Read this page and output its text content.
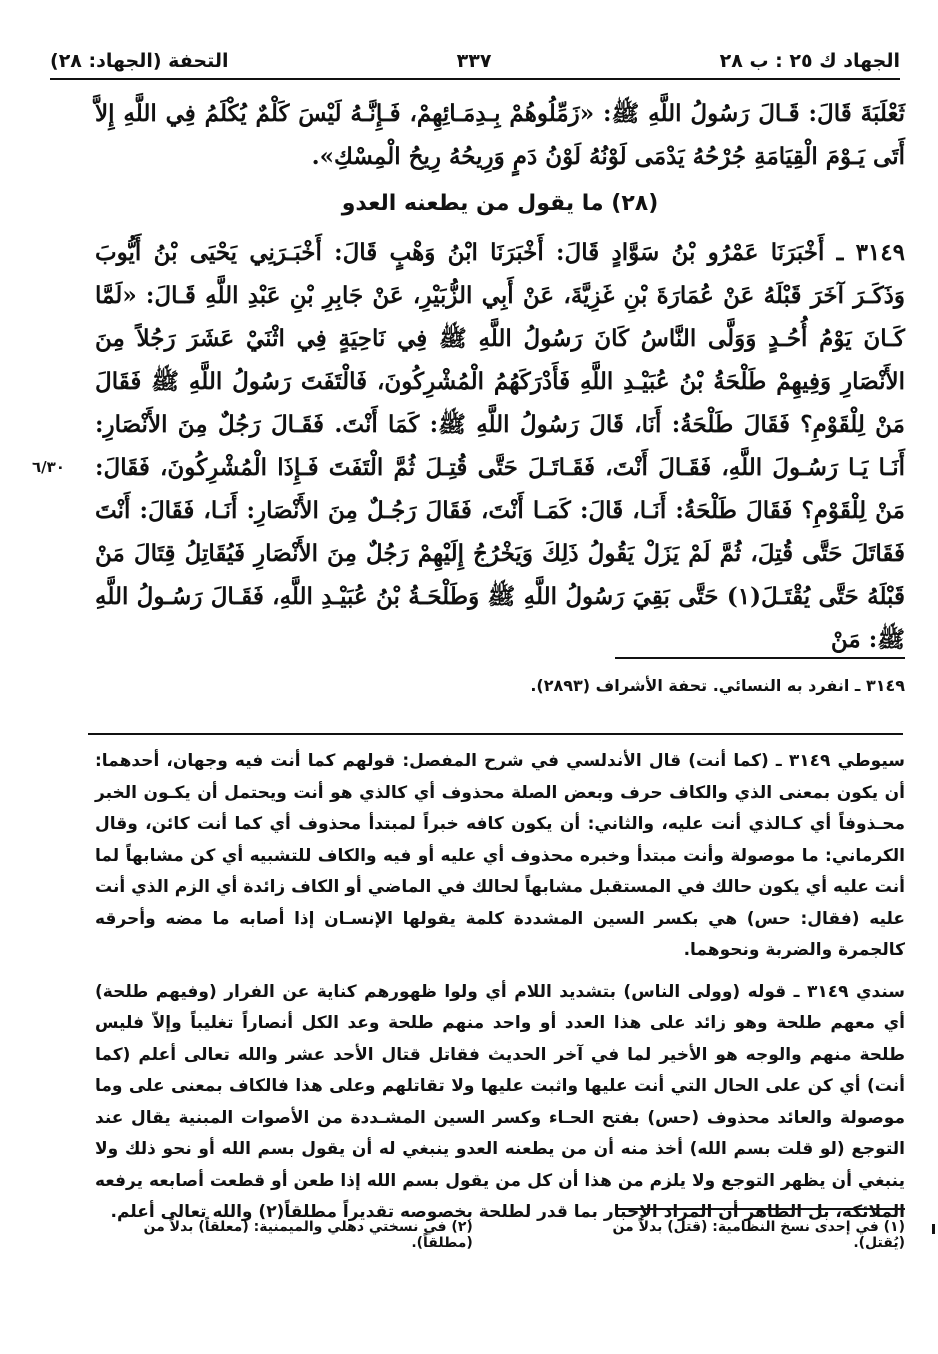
الجهاد ك ٢٥ : ب ٢٨
٣٣٧
التحفة (الجهاد: ٢٨)

ثَعْلَبَةَ قَالَ: قَـالَ رَسُولُ اللَّهِ ﷺ: «زَمِّلُوهُمْ بِـدِمَـائِهِمْ، فَـإِنَّـهُ لَيْسَ كَلْمٌ يُكْلَمُ فِي اللَّهِ إِلاَّ أَتَى يَـوْمَ الْقِيَامَةِ جُرْحُهُ يَدْمَى لَوْنُهُ لَوْنُ دَمٍ وَرِيحُهُ رِيحُ الْمِسْكِ».

(٢٨) ما يقول من يطعنه العدو

٣١٤٩ ـ أَخْبَرَنَا عَمْرُو بْنُ سَوَّادٍ قَالَ: أَخْبَرَنَا ابْنُ وَهْبٍ قَالَ: أَخْبَـرَنِي يَحْيَى بْنُ أَيُّوبَ وَذَكَـرَ آخَرَ قَبْلَهُ عَنْ عُمَارَةَ بْنِ غَزِيَّةَ، عَنْ أَبِي الزُّبَيْرِ، عَنْ جَابِرِ بْنِ عَبْدِ اللَّهِ قَـالَ: «لَمَّا كَـانَ يَوْمُ أُحُـدٍ وَوَلَّى النَّاسُ كَانَ رَسُولُ اللَّهِ ﷺ فِي نَاحِيَةٍ فِي اثْنَيْ عَشَرَ رَجُلاً مِنَ الأَنْصَارِ وَفِيهِمْ طَلْحَةُ بْنُ عُبَيْـدِ اللَّهِ فَأَدْرَكَهُمُ الْمُشْرِكُونَ، فَالْتَفَتَ رَسُولُ اللَّهِ ﷺ فَقَالَ مَنْ لِلْقَوْمِ؟ فَقَالَ طَلْحَةُ: أَنَا، قَالَ رَسُولُ اللَّهِ ﷺ: كَمَا أَنْتَ. فَقَـالَ رَجُلٌ مِنَ الأَنْصَارِ: أَنَـا يَـا رَسُـولَ اللَّهِ، فَقَـالَ أَنْتَ، فَقَـاتَـلَ حَتَّى قُتِـلَ ثُمَّ الْتَفَتَ فَـإِذَا الْمُشْرِكُونَ، فَقَالَ: مَنْ لِلْقَوْمِ؟ فَقَالَ طَلْحَةُ: أَنَـا، قَالَ: كَمَـا أَنْتَ، فَقَالَ رَجُـلٌ مِنَ الأَنْصَارِ: أَنَـا، فَقَالَ: أَنْتَ فَقَاتَلَ حَتَّى قُتِلَ، ثُمَّ لَمْ يَزَلْ يَقُولُ ذَلِكَ وَيَخْرُجُ إِلَيْهِمْ رَجُلٌ مِنَ الأَنْصَارِ فَيُقَاتِلُ قِتَالَ مَنْ قَبْلَهُ حَتَّى يُقْتَـلَ(١) حَتَّى بَقِيَ رَسُولُ اللَّهِ ﷺ وَطَلْحَـةُ بْنُ عُبَيْـدِ اللَّهِ، فَقَـالَ رَسُـولُ اللَّهِ ﷺ: مَنْ

٦/٣٠
٣١٤٩ ـ انفرد به النسائي. تحفة الأشراف (٢٨٩٣).

سيوطي ٣١٤٩ ـ (كما أنت) قال الأندلسي في شرح المفصل: قولهم كما أنت فيه وجهان، أحدهما: أن يكون بمعنى الذي والكاف حرف وبعض الصلة محذوف أي كالذي هو أنت ويحتمل أن يكـون الخبر محـذوفاً أي كـالذي أنت عليه، والثاني: أن يكون كافه خبراً لمبتدأ محذوف أي كما أنت كائن، وقال الكرماني: ما موصولة وأنت مبتدأ وخبره محذوف أي عليه أو فيه والكاف للتشبيه أي كن مشابهاً لما أنت عليه أي يكون حالك في المستقبل مشابهاً لحالك في الماضي أو الكاف زائدة أي الزم الذي أنت عليه (فقال: حس) هي بكسر السين المشددة كلمة يقولها الإنسـان إذا أصابه ما مضه وأحرقه كالجمرة والضربة ونحوهما.

سندي ٣١٤٩ ـ قوله (وولى الناس) بتشديد اللام أي ولوا ظهورهم كناية عن الفرار (وفيهم طلحة) أي معهم طلحة وهو زائد على هذا العدد أو واحد منهم طلحة وعد الكل أنصاراً تغليباً وإلاّ فليس طلحة منهم والوجه هو الأخير لما في آخر الحديث فقاتل قتال الأحد عشر والله تعالى أعلم (كما أنت) أي كن على الحال التي أنت عليها واثبت عليها ولا تقاتلهم وعلى هذا فالكاف بمعنى على وما موصولة والعائد محذوف (حس) بفتح الحـاء وكسر السين المشـددة من الأصوات المبنية يقال عند التوجع (لو قلت بسم الله) أخذ منه أن من يطعنه العدو ينبغي له أن يقول بسم الله أو نحو ذلك ولا ينبغي أن يظهر التوجع ولا يلزم من هذا أن كل من يقول بسم الله إذا طعن أو قطعت أصابعه يرفعه الملائكة، بل الظاهر أن المراد الإخبار بما قدر لطلحة بخصوصه تقديراً مطلقاً(٢) والله تعالى أعلم.

(١) في إحدى نسخ النظامية: (قتل) بدلاً من (يُقتل).
(٢) في نسختي دهلي والميمنية: (معلقاً) بدلاً من (مطلقاً).
